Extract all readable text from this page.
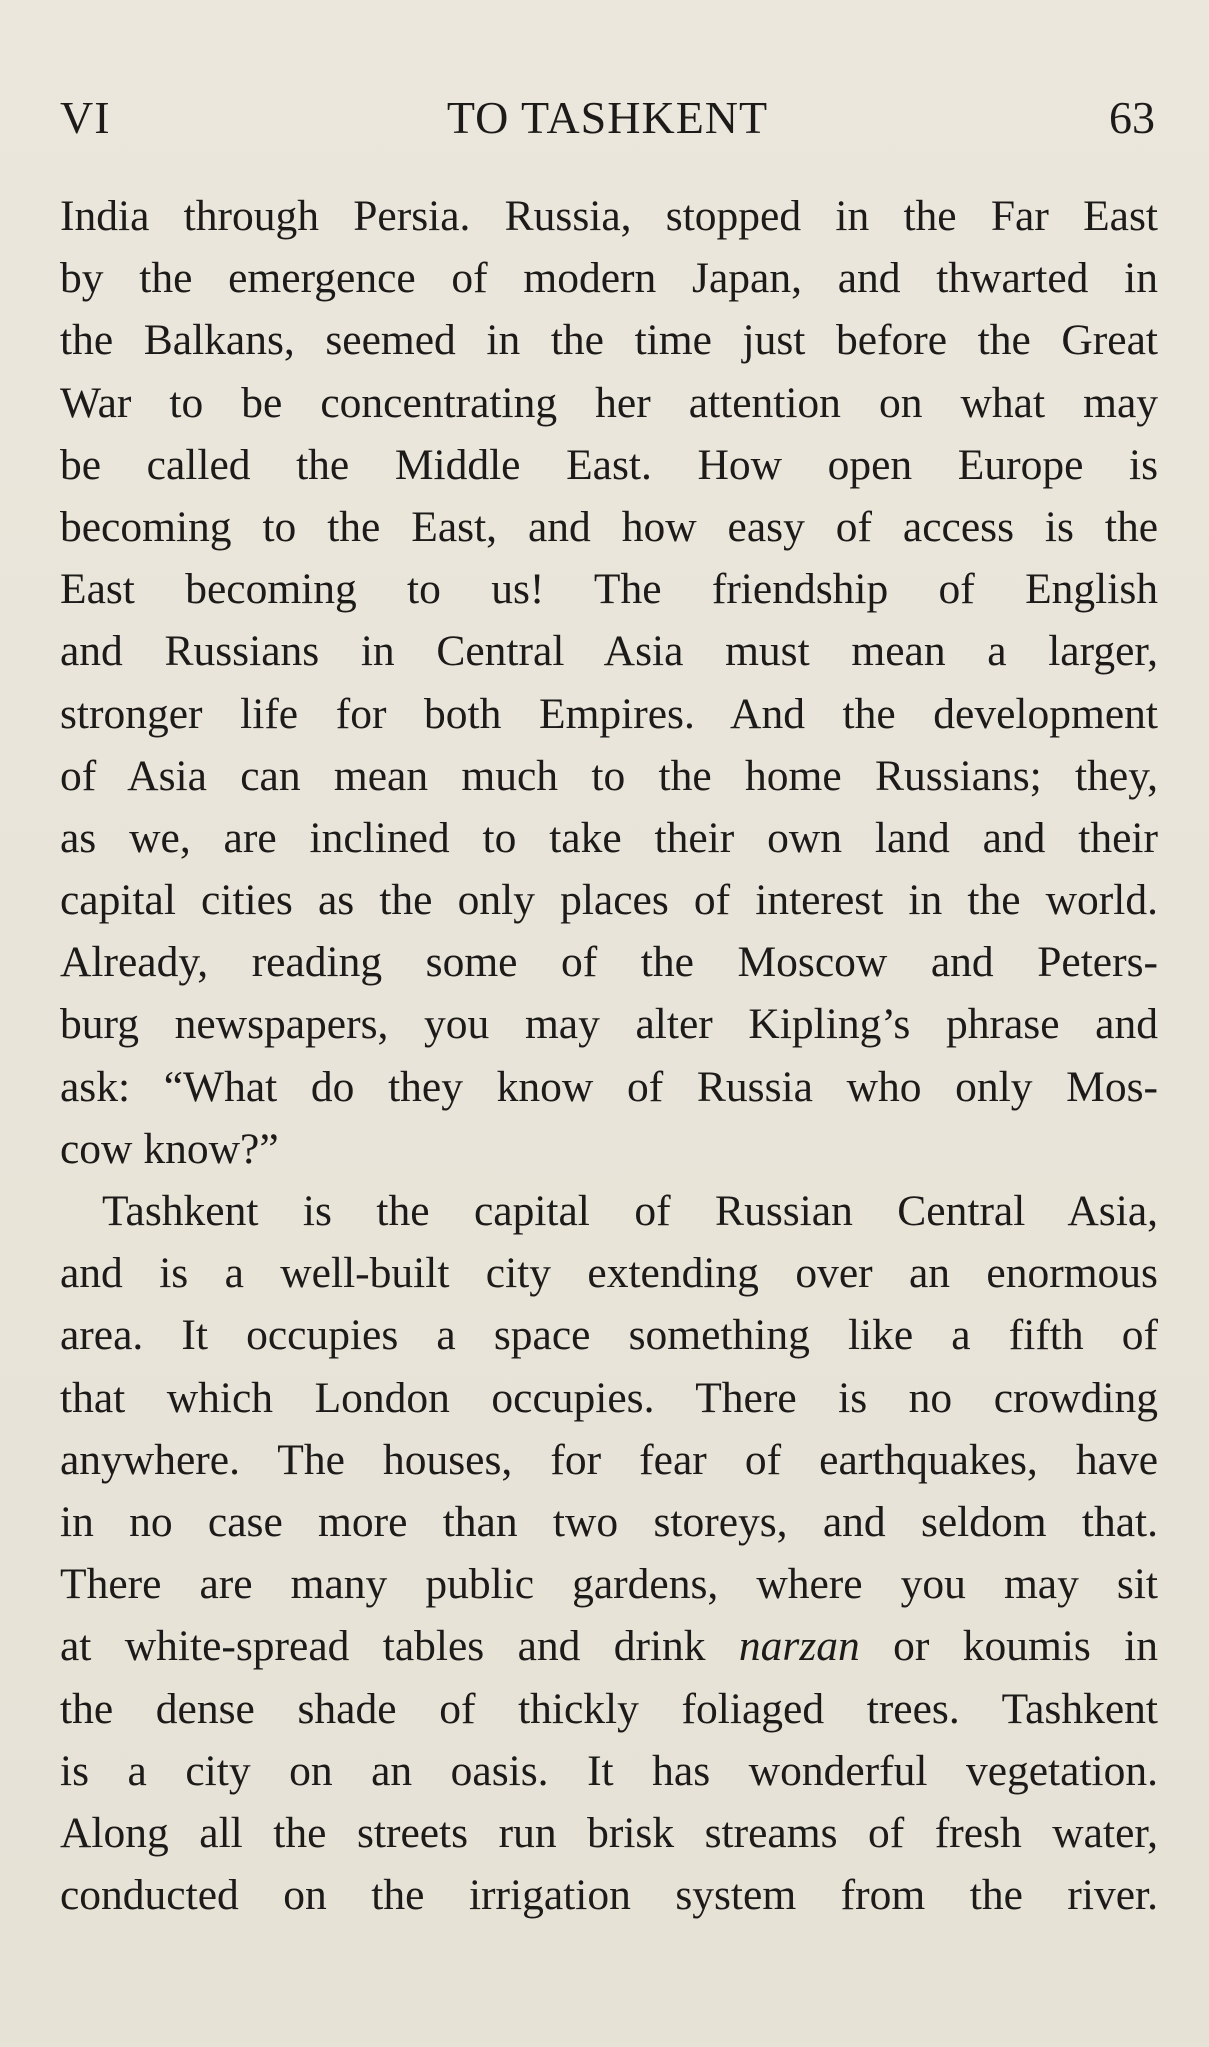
VI	TO TASHKENT	63
India through Persia. Russia, stopped in the Far East
by the emergence of modern Japan, and thwarted in
the Balkans, seemed in the time just before the Great
War to be concentrating her attention on what may
be called the Middle East. How open Europe is
becoming to the East, and how easy of access is the
East becoming to us! The friendship of English
and Russians in Central Asia must mean a larger,
stronger life for both Empires. And the development
of Asia can mean much to the home Russians; they,
as we, are inclined to take their own land and their
capital cities as the only places of interest in the world.
Already, reading some of the Moscow and Peters-
burg newspapers, you may alter Kipling’s phrase and
ask: “What do they know of Russia who only Mos-
cow know?”
Tashkent is the capital of Russian Central Asia,
and is a well-built city extending over an enormous
area. It occupies a space something like a fifth of
that which London occupies. There is no crowding
anywhere. The houses, for fear of earthquakes, have
in no case more than two storeys, and seldom that.
There are many public gardens, where you may sit
at white-spread tables and drink narzan or koumis in
the dense shade of thickly foliaged trees. Tashkent
is a city on an oasis. It has wonderful vegetation.
Along all the streets run brisk streams of fresh water,
conducted on the irrigation system from the river.
